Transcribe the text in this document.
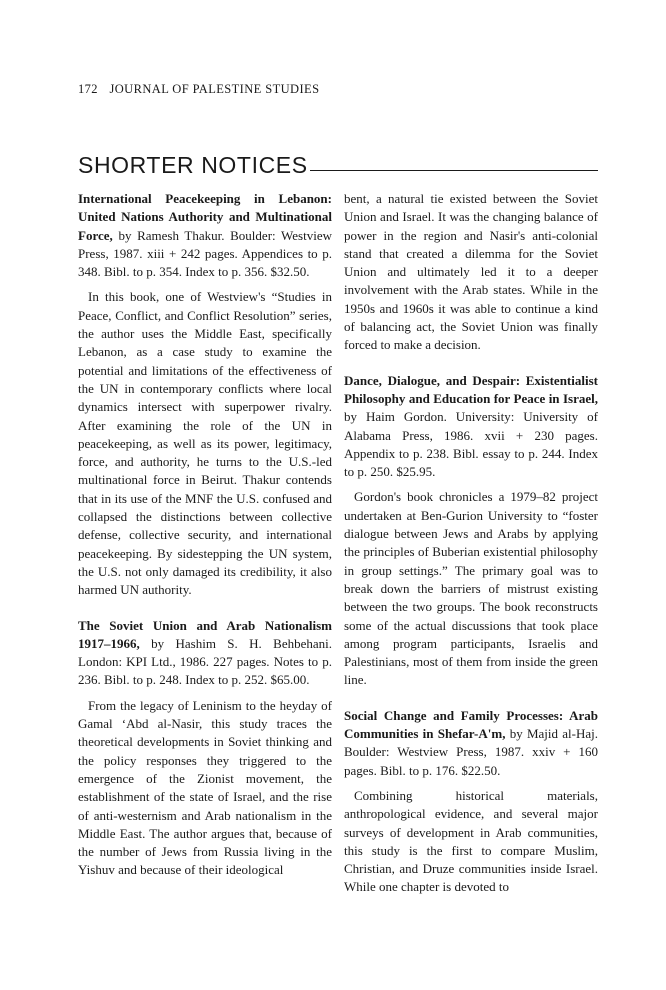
172 JOURNAL OF PALESTINE STUDIES
SHORTER NOTICES

International Peacekeeping in Lebanon: United Nations Authority and Multinational Force, by Ramesh Thakur. Boulder: Westview Press, 1987. xiii + 242 pages. Appendices to p. 348. Bibl. to p. 354. Index to p. 356. $32.50.

In this book, one of Westview's “Studies in Peace, Conflict, and Conflict Resolution” series, the author uses the Middle East, specifically Lebanon, as a case study to examine the potential and limitations of the effectiveness of the UN in contemporary conflicts where local dynamics intersect with superpower rivalry. After examining the role of the UN in peacekeeping, as well as its power, legitimacy, force, and authority, he turns to the U.S.-led multinational force in Beirut. Thakur contends that in its use of the MNF the U.S. confused and collapsed the distinctions between collective defense, collective security, and international peacekeeping. By sidestepping the UN system, the U.S. not only damaged its credibility, it also harmed UN authority.

The Soviet Union and Arab Nationalism 1917–1966, by Hashim S. H. Behbehani. London: KPI Ltd., 1986. 227 pages. Notes to p. 236. Bibl. to p. 248. Index to p. 252. $65.00.

From the legacy of Leninism to the heyday of Gamal ‘Abd al-Nasir, this study traces the theoretical developments in Soviet thinking and the policy responses they triggered to the emergence of the Zionist movement, the establishment of the state of Israel, and the rise of anti-westernism and Arab nationalism in the Middle East. The author argues that, because of the number of Jews from Russia living in the Yishuv and because of their ideological

bent, a natural tie existed between the Soviet Union and Israel. It was the changing balance of power in the region and Nasir's anti-colonial stand that created a dilemma for the Soviet Union and ultimately led it to a deeper involvement with the Arab states. While in the 1950s and 1960s it was able to continue a kind of balancing act, the Soviet Union was finally forced to make a decision.

Dance, Dialogue, and Despair: Existentialist Philosophy and Education for Peace in Israel, by Haim Gordon. University: University of Alabama Press, 1986. xvii + 230 pages. Appendix to p. 238. Bibl. essay to p. 244. Index to p. 250. $25.95.

Gordon's book chronicles a 1979–82 project undertaken at Ben-Gurion University to “foster dialogue between Jews and Arabs by applying the principles of Buberian existential philosophy in group settings.” The primary goal was to break down the barriers of mistrust existing between the two groups. The book reconstructs some of the actual discussions that took place among program participants, Israelis and Palestinians, most of them from inside the green line.

Social Change and Family Processes: Arab Communities in Shefar-A'm, by Majid al-Haj. Boulder: Westview Press, 1987. xxiv + 160 pages. Bibl. to p. 176. $22.50.

Combining historical materials, anthropological evidence, and several major surveys of development in Arab communities, this study is the first to compare Muslim, Christian, and Druze communities inside Israel. While one chapter is devoted to
